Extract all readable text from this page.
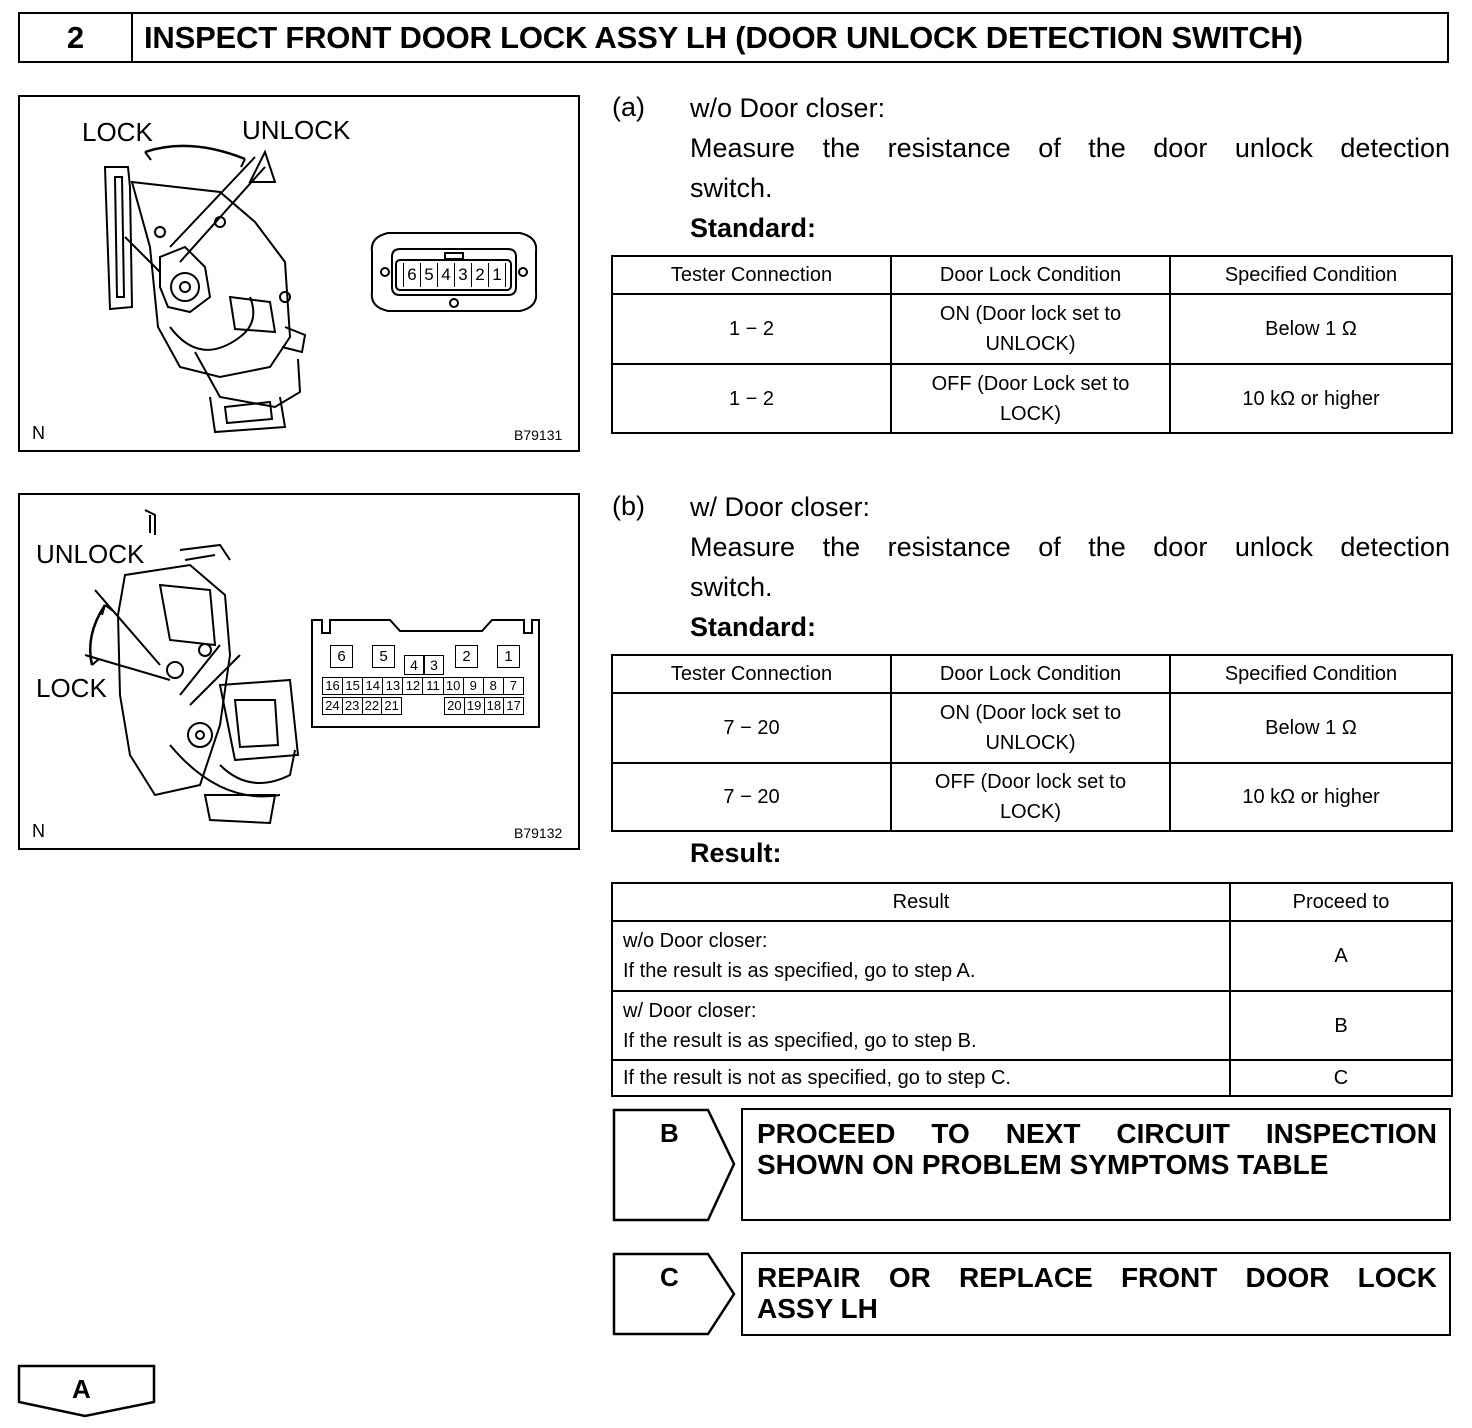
2	INSPECT FRONT DOOR LOCK ASSY LH (DOOR UNLOCK DETECTION SWITCH)
LOCK	UNLOCK
6 5 4 3 2 1
N	B79131
UNLOCK
LOCK
6	5	4 3	2	1
16 15 14 13 12 11 10 9 8 7
24 23 22 21	20 19 18 17
N	B79132
(a) w/o Door closer:
Measure the resistance of the door unlock detection
switch.
Standard:
Tester Connection	Door Lock Condition	Specified Condition
1 − 2	ON (Door lock set to
UNLOCK)	Below 1 Ω
1 − 2	OFF (Door Lock set to
LOCK)	10 kΩ or higher
(b) w/ Door closer:
Measure the resistance of the door unlock detection
switch.
Standard:
Tester Connection	Door Lock Condition	Specified Condition
7 − 20	ON (Door lock set to
UNLOCK)	Below 1 Ω
7 − 20	OFF (Door lock set to
LOCK)	10 kΩ or higher
Result:
Result	Proceed to

w/o Door closer:
If the result is as specified, go to step A.	A

w/ Door closer:
If the result is as specified, go to step B.	B
If the result is not as specified, go to step C.	C
B	PROCEED TO NEXT CIRCUIT INSPECTION
SHOWN ON PROBLEM SYMPTOMS TABLE
C	REPAIR OR REPLACE FRONT DOOR LOCK
ASSY LH
A
